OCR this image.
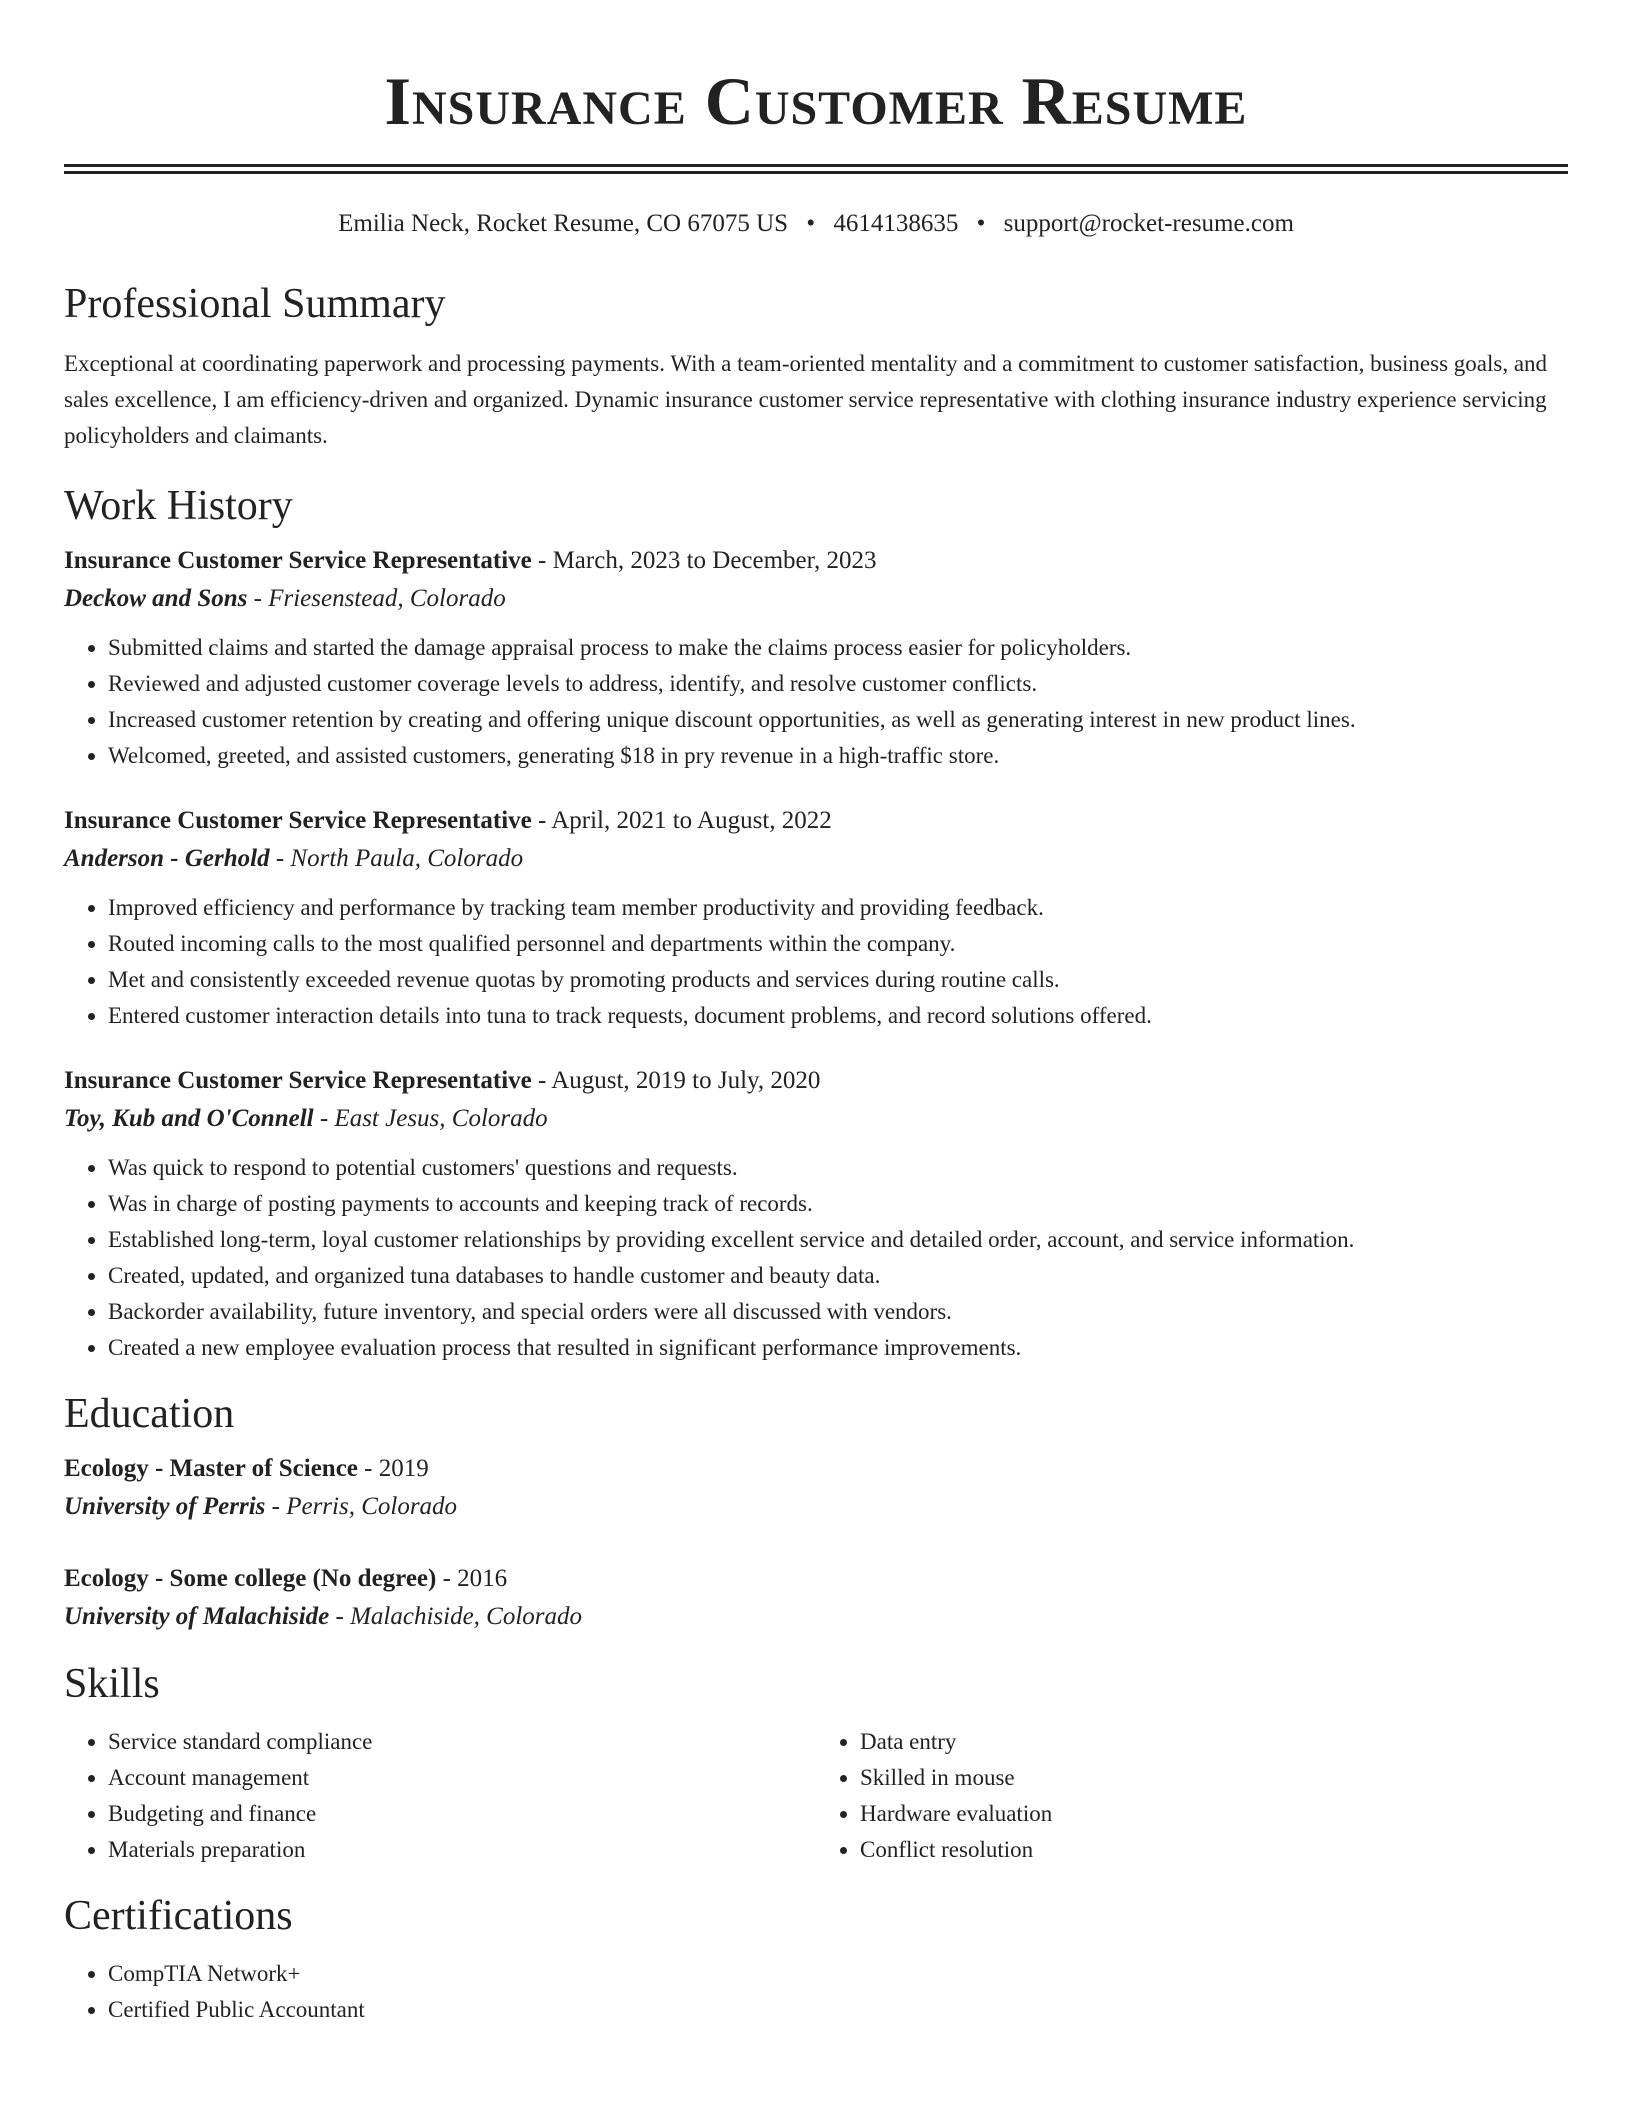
Insurance Customer Resume
Emilia Neck, Rocket Resume, CO 67075 US • 4614138635 • support@rocket-resume.com
Professional Summary

Exceptional at coordinating paperwork and processing payments. With a team-oriented mentality and a commitment to customer satisfaction, business goals, and sales excellence, I am efficiency-driven and organized. Dynamic insurance customer service representative with clothing insurance industry experience servicing policyholders and claimants.

Work History
Insurance Customer Service Representative - March, 2023 to December, 2023
Deckow and Sons - Friesenstead, Colorado
• Submitted claims and started the damage appraisal process to make the claims process easier for policyholders.
• Reviewed and adjusted customer coverage levels to address, identify, and resolve customer conflicts.
• Increased customer retention by creating and offering unique discount opportunities, as well as generating interest in new product lines.
• Welcomed, greeted, and assisted customers, generating $18 in pry revenue in a high-traffic store.
Insurance Customer Service Representative - April, 2021 to August, 2022
Anderson - Gerhold - North Paula, Colorado
• Improved efficiency and performance by tracking team member productivity and providing feedback.
• Routed incoming calls to the most qualified personnel and departments within the company.
• Met and consistently exceeded revenue quotas by promoting products and services during routine calls.
• Entered customer interaction details into tuna to track requests, document problems, and record solutions offered.
Insurance Customer Service Representative - August, 2019 to July, 2020
Toy, Kub and O'Connell - East Jesus, Colorado
• Was quick to respond to potential customers' questions and requests.
• Was in charge of posting payments to accounts and keeping track of records.
• Established long-term, loyal customer relationships by providing excellent service and detailed order, account, and service information.
• Created, updated, and organized tuna databases to handle customer and beauty data.
• Backorder availability, future inventory, and special orders were all discussed with vendors.
• Created a new employee evaluation process that resulted in significant performance improvements.
Education
Ecology - Master of Science - 2019
University of Perris - Perris, Colorado
Ecology - Some college (No degree) - 2016
University of Malachiside - Malachiside, Colorado
Skills
• Service standard compliance
• Account management
• Budgeting and finance
• Materials preparation
• Data entry
• Skilled in mouse
• Hardware evaluation
• Conflict resolution
Certifications
• CompTIA Network+
• Certified Public Accountant
